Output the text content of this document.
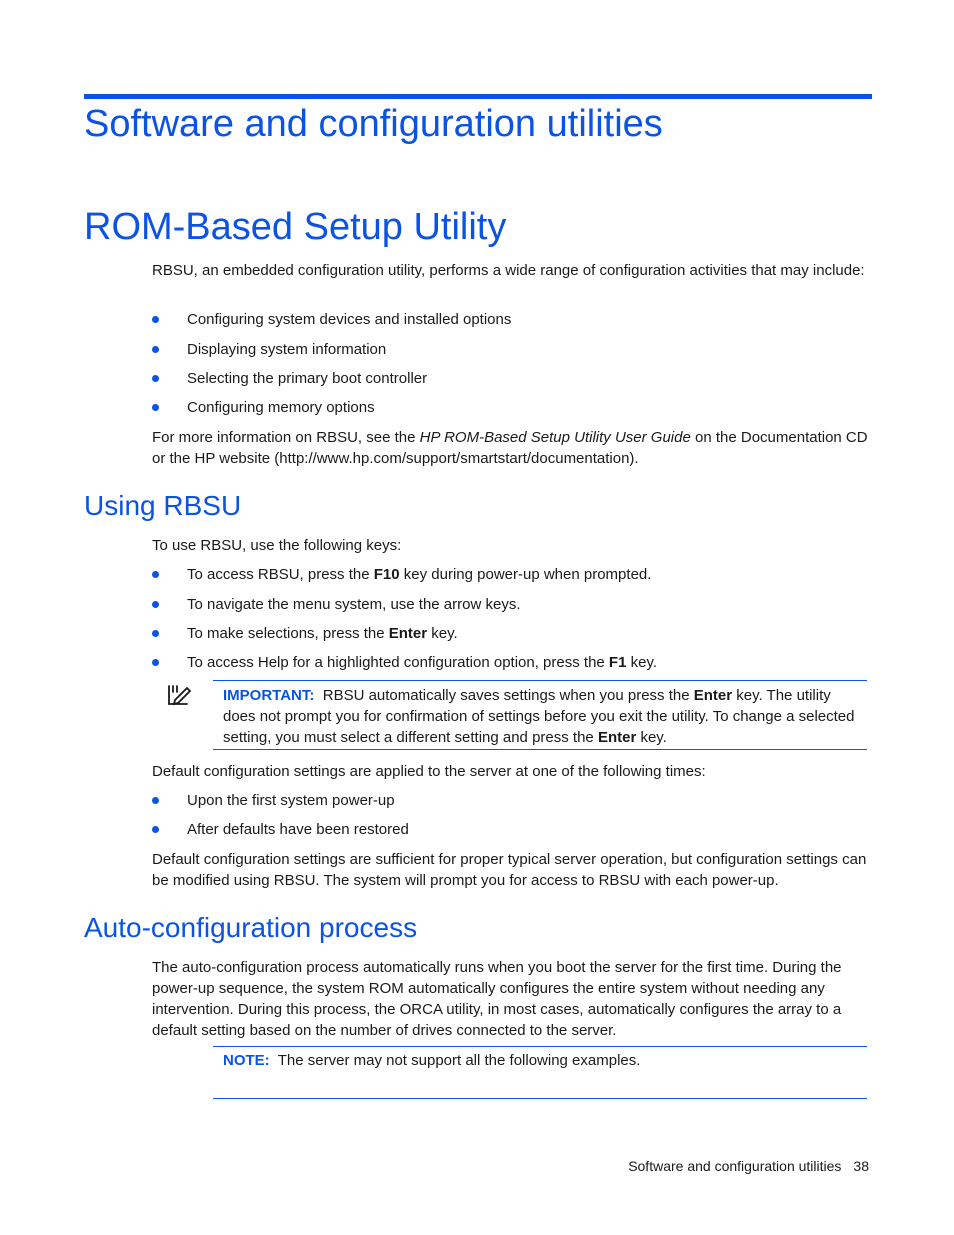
Software and configuration utilities
ROM-Based Setup Utility

RBSU, an embedded configuration utility, performs a wide range of configuration activities that may include:

Configuring system devices and installed options
Displaying system information
Selecting the primary boot controller
Configuring memory options

For more information on RBSU, see the HP ROM-Based Setup Utility User Guide on the Documentation CD or the HP website (http://www.hp.com/support/smartstart/documentation).

Using RBSU

To use RBSU, use the following keys:

To access RBSU, press the F10 key during power-up when prompted.
To navigate the menu system, use the arrow keys.
To make selections, press the Enter key.
To access Help for a highlighted configuration option, press the F1 key.
IMPORTANT: RBSU automatically saves settings when you press the Enter key. The utility does not prompt you for confirmation of settings before you exit the utility. To change a selected setting, you must select a different setting and press the Enter key.

Default configuration settings are applied to the server at one of the following times:

Upon the first system power-up
After defaults have been restored

Default configuration settings are sufficient for proper typical server operation, but configuration settings can be modified using RBSU. The system will prompt you for access to RBSU with each power-up.

Auto-configuration process

The auto-configuration process automatically runs when you boot the server for the first time. During the power-up sequence, the system ROM automatically configures the entire system without needing any intervention. During this process, the ORCA utility, in most cases, automatically configures the array to a default setting based on the number of drives connected to the server.

NOTE: The server may not support all the following examples.
Software and configuration utilities 38
